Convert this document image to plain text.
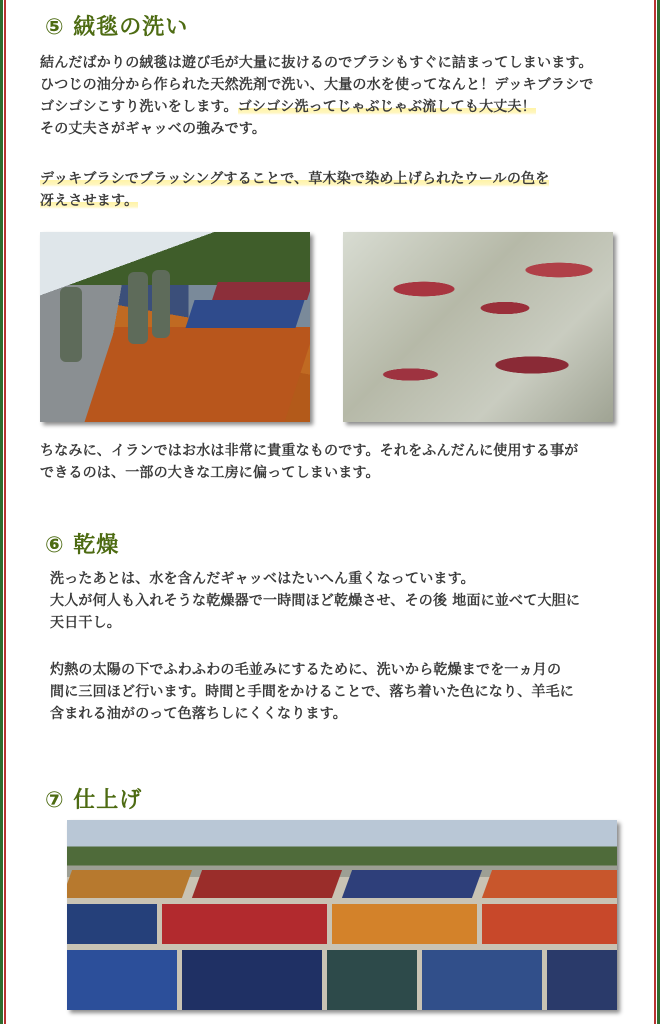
⑤ 絨毯の洗い

結んだばかりの絨毯は遊び毛が大量に抜けるのでブラシもすぐに詰まってしまいます。

ひつじの油分から作られた天然洗剤で洗い、大量の水を使ってなんと！デッキブラシで

ゴシゴシこすり洗いをします。ゴシゴシ洗ってじゃぶじゃぶ流しても大丈夫！

その丈夫さがギャッベの強みです。

デッキブラシでブラッシングすることで、草木染で染め上げられたウールの色を

冴えさせます。

ちなみに、イランではお水は非常に貴重なものです。それをふんだんに使用する事が

できるのは、一部の大きな工房に偏ってしまいます。

⑥ 乾燥

洗ったあとは、水を含んだギャッベはたいへん重くなっています。

大人が何人も入れそうな乾燥器で一時間ほど乾燥させ、その後 地面に並べて大胆に

天日干し。

灼熱の太陽の下でふわふわの毛並みにするために、洗いから乾燥までを一ヵ月の

間に三回ほど行います。時間と手間をかけることで、落ち着いた色になり、羊毛に

含まれる油がのって色落ちしにくくなります。

⑦ 仕上げ
